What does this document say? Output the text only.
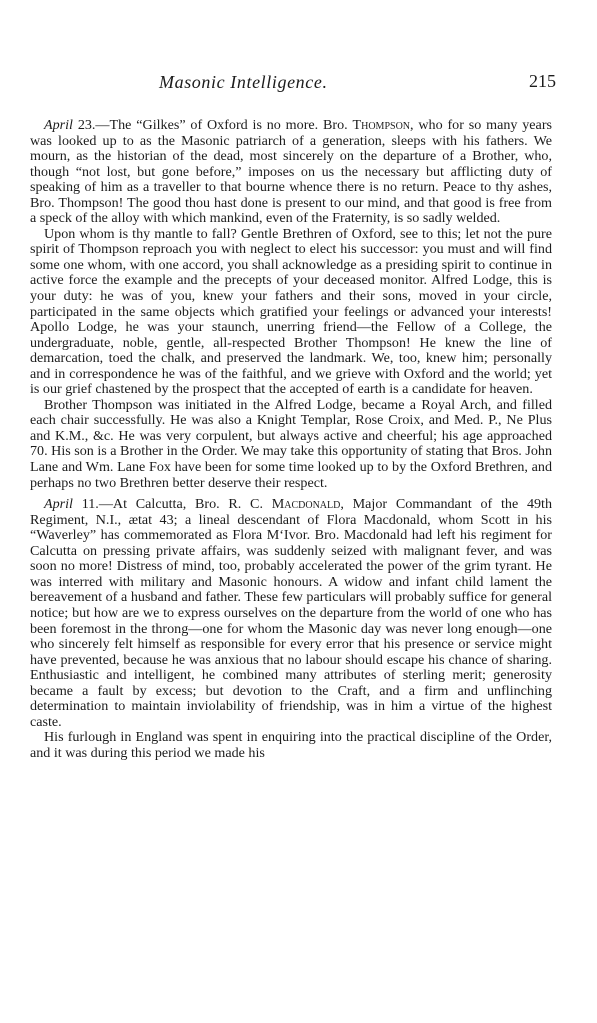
Masonic Intelligence.	215

April 23.—The “Gilkes” of Oxford is no more. Bro. Thompson, who for so many years was looked up to as the Masonic patriarch of a generation, sleeps with his fathers. We mourn, as the historian of the dead, most sincerely on the departure of a Brother, who, though “not lost, but gone before,” imposes on us the necessary but afflicting duty of speaking of him as a traveller to that bourne whence there is no return. Peace to thy ashes, Bro. Thompson! The good thou hast done is present to our mind, and that good is free from a speck of the alloy with which mankind, even of the Fraternity, is so sadly welded.

Upon whom is thy mantle to fall? Gentle Brethren of Oxford, see to this; let not the pure spirit of Thompson reproach you with neglect to elect his successor: you must and will find some one whom, with one accord, you shall acknowledge as a presiding spirit to continue in active force the example and the precepts of your deceased monitor. Alfred Lodge, this is your duty: he was of you, knew your fathers and their sons, moved in your circle, participated in the same objects which gratified your feelings or advanced your interests! Apollo Lodge, he was your staunch, unerring friend—the Fellow of a College, the undergraduate, noble, gentle, all-respected Brother Thompson! He knew the line of demarcation, toed the chalk, and preserved the landmark. We, too, knew him; personally and in correspondence he was of the faithful, and we grieve with Oxford and the world; yet is our grief chastened by the prospect that the accepted of earth is a candidate for heaven.

Brother Thompson was initiated in the Alfred Lodge, became a Royal Arch, and filled each chair successfully. He was also a Knight Templar, Rose Croix, and Med. P., Ne Plus and K.M., &c. He was very corpulent, but always active and cheerful; his age approached 70. His son is a Brother in the Order. We may take this opportunity of stating that Bros. John Lane and Wm. Lane Fox have been for some time looked up to by the Oxford Brethren, and perhaps no two Brethren better deserve their respect.

April 11.—At Calcutta, Bro. R. C. Macdonald, Major Commandant of the 49th Regiment, N.I., ætat 43; a lineal descendant of Flora Macdonald, whom Scott in his “Waverley” has commemorated as Flora M‘Ivor. Bro. Macdonald had left his regiment for Calcutta on pressing private affairs, was suddenly seized with malignant fever, and was soon no more! Distress of mind, too, probably accelerated the power of the grim tyrant. He was interred with military and Masonic honours. A widow and infant child lament the bereavement of a husband and father. These few particulars will probably suffice for general notice; but how are we to express ourselves on the departure from the world of one who has been foremost in the throng—one for whom the Masonic day was never long enough—one who sincerely felt himself as responsible for every error that his presence or service might have prevented, because he was anxious that no labour should escape his chance of sharing. Enthusiastic and intelligent, he combined many attributes of sterling merit; generosity became a fault by excess; but devotion to the Craft, and a firm and unflinching determination to maintain inviolability of friendship, was in him a virtue of the highest caste.

His furlough in England was spent in enquiring into the practical discipline of the Order, and it was during this period we made his
